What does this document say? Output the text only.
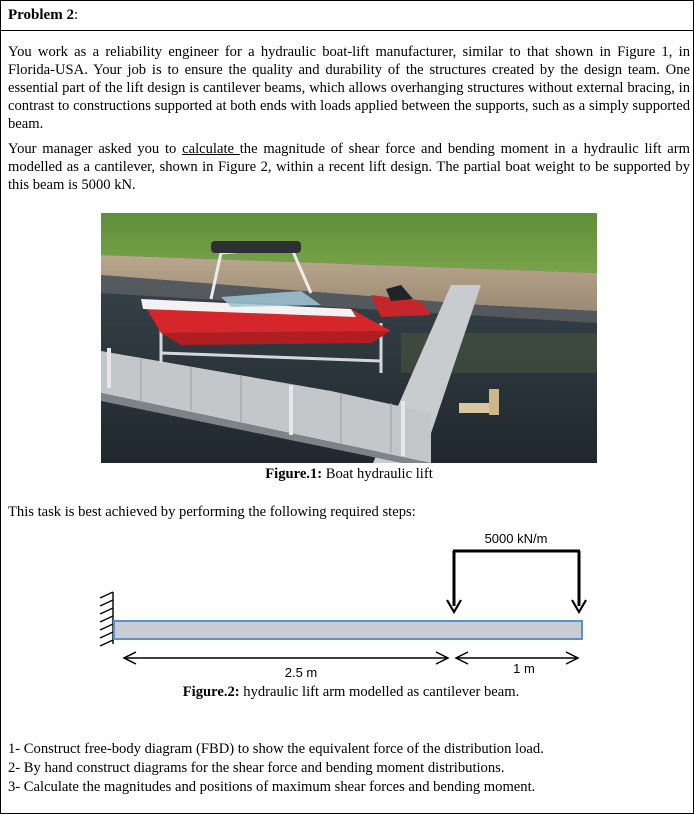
Problem 2:
You work as a reliability engineer for a hydraulic boat-lift manufacturer, similar to that shown in Figure 1, in Florida-USA. Your job is to ensure the quality and durability of the structures created by the design team. One essential part of the lift design is cantilever beams, which allows overhanging structures without external bracing, in contrast to constructions supported at both ends with loads applied between the supports, such as a simply supported beam.
Your manager asked you to calculate the magnitude of shear force and bending moment in a hydraulic lift arm modelled as a cantilever, shown in Figure 2, within a recent lift design. The partial boat weight to be supported by this beam is 5000 kN.
Figure.1: Boat hydraulic lift
This task is best achieved by performing the following required steps:
5000 kN/m
2.5 m	1 m
Figure.2: hydraulic lift arm modelled as cantilever beam.
1- Construct free-body diagram (FBD) to show the equivalent force of the distribution load.
2- By hand construct diagrams for the shear force and bending moment distributions.
3- Calculate the magnitudes and positions of maximum shear forces and bending moment.
